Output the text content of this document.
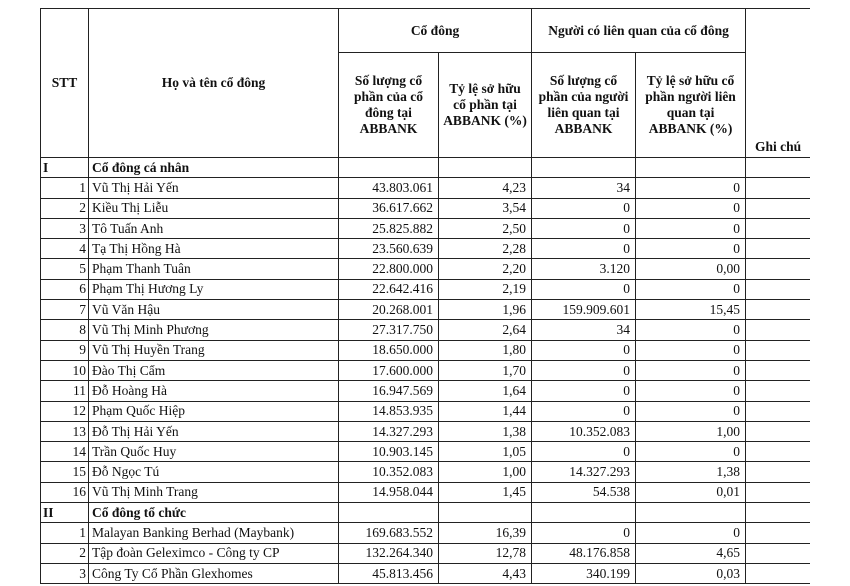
STT	Họ và tên cổ đông	Cổ đông		Người có liên quan của cổ đông		Ghi chú
		Số lượng cổ phần của cổ đông tại ABBANK	Tỷ lệ sở hữu cổ phần tại ABBANK (%)	Số lượng cổ phần của người liên quan tại ABBANK	Tỷ lệ sở hữu cổ phần người liên quan tại ABBANK (%)	
I	Cổ đông cá nhân					
1	Vũ Thị Hải Yến	43.803.061	4,23	34	0	
2	Kiều Thị Liễu	36.617.662	3,54	0	0	
3	Tô Tuấn Anh	25.825.882	2,50	0	0	
4	Tạ Thị Hồng Hà	23.560.639	2,28	0	0	
5	Phạm Thanh Tuân	22.800.000	2,20	3.120	0,00	
6	Phạm Thị Hương Ly	22.642.416	2,19	0	0	
7	Vũ Văn Hậu	20.268.001	1,96	159.909.601	15,45	
8	Vũ Thị Minh Phương	27.317.750	2,64	34	0	
9	Vũ Thị Huyền Trang	18.650.000	1,80	0	0	
10	Đào Thị Cẩm	17.600.000	1,70	0	0	
11	Đỗ Hoàng Hà	16.947.569	1,64	0	0	
12	Phạm Quốc Hiệp	14.853.935	1,44	0	0	
13	Đỗ Thị Hải Yến	14.327.293	1,38	10.352.083	1,00	
14	Trần Quốc Huy	10.903.145	1,05	0	0	
15	Đỗ Ngọc Tú	10.352.083	1,00	14.327.293	1,38	
16	Vũ Thị Minh Trang	14.958.044	1,45	54.538	0,01	
II	Cổ đông tổ chức					
1	Malayan Banking Berhad (Maybank)	169.683.552	16,39	0	0	
2	Tập đoàn Geleximco - Công ty CP	132.264.340	12,78	48.176.858	4,65	
3	Công Ty Cổ Phần Glexhomes	45.813.456	4,43	340.199	0,03	
